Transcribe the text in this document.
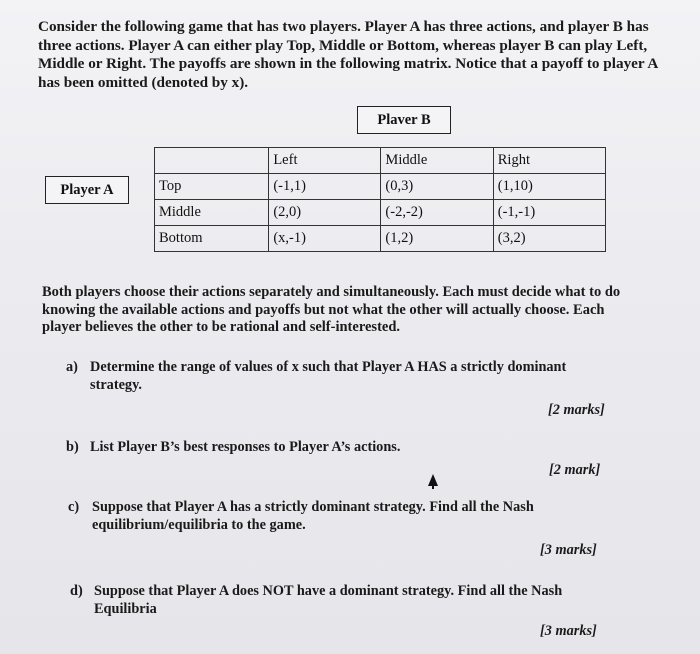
Consider the following game that has two players. Player A has three actions, and player B has three actions. Player A can either play Top, Middle or Bottom, whereas player B can play Left, Middle or Right. The payoffs are shown in the following matrix. Notice that a payoff to player A has been omitted (denoted by x).
Plaver B
Player A
	Left	Middle	Right
Top	(-1,1)	(0,3)	(1,10)
Middle	(2,0)	(-2,-2)	(-1,-1)
Bottom	(x,-1)	(1,2)	(3,2)
Both players choose their actions separately and simultaneously. Each must decide what to do knowing the available actions and payoffs but not what the other will actually choose. Each player believes the other to be rational and self-interested.
a) Determine the range of values of x such that Player A HAS a strictly dominant
strategy.
[2 marks]
b) List Player B’s best responses to Player A’s actions.
[2 mark]
c) Suppose that Player A has a strictly dominant strategy. Find all the Nash
equilibrium/equilibria to the game.
[3 marks]
d) Suppose that Player A does NOT have a dominant strategy. Find all the Nash
Equilibria
[3 marks]
